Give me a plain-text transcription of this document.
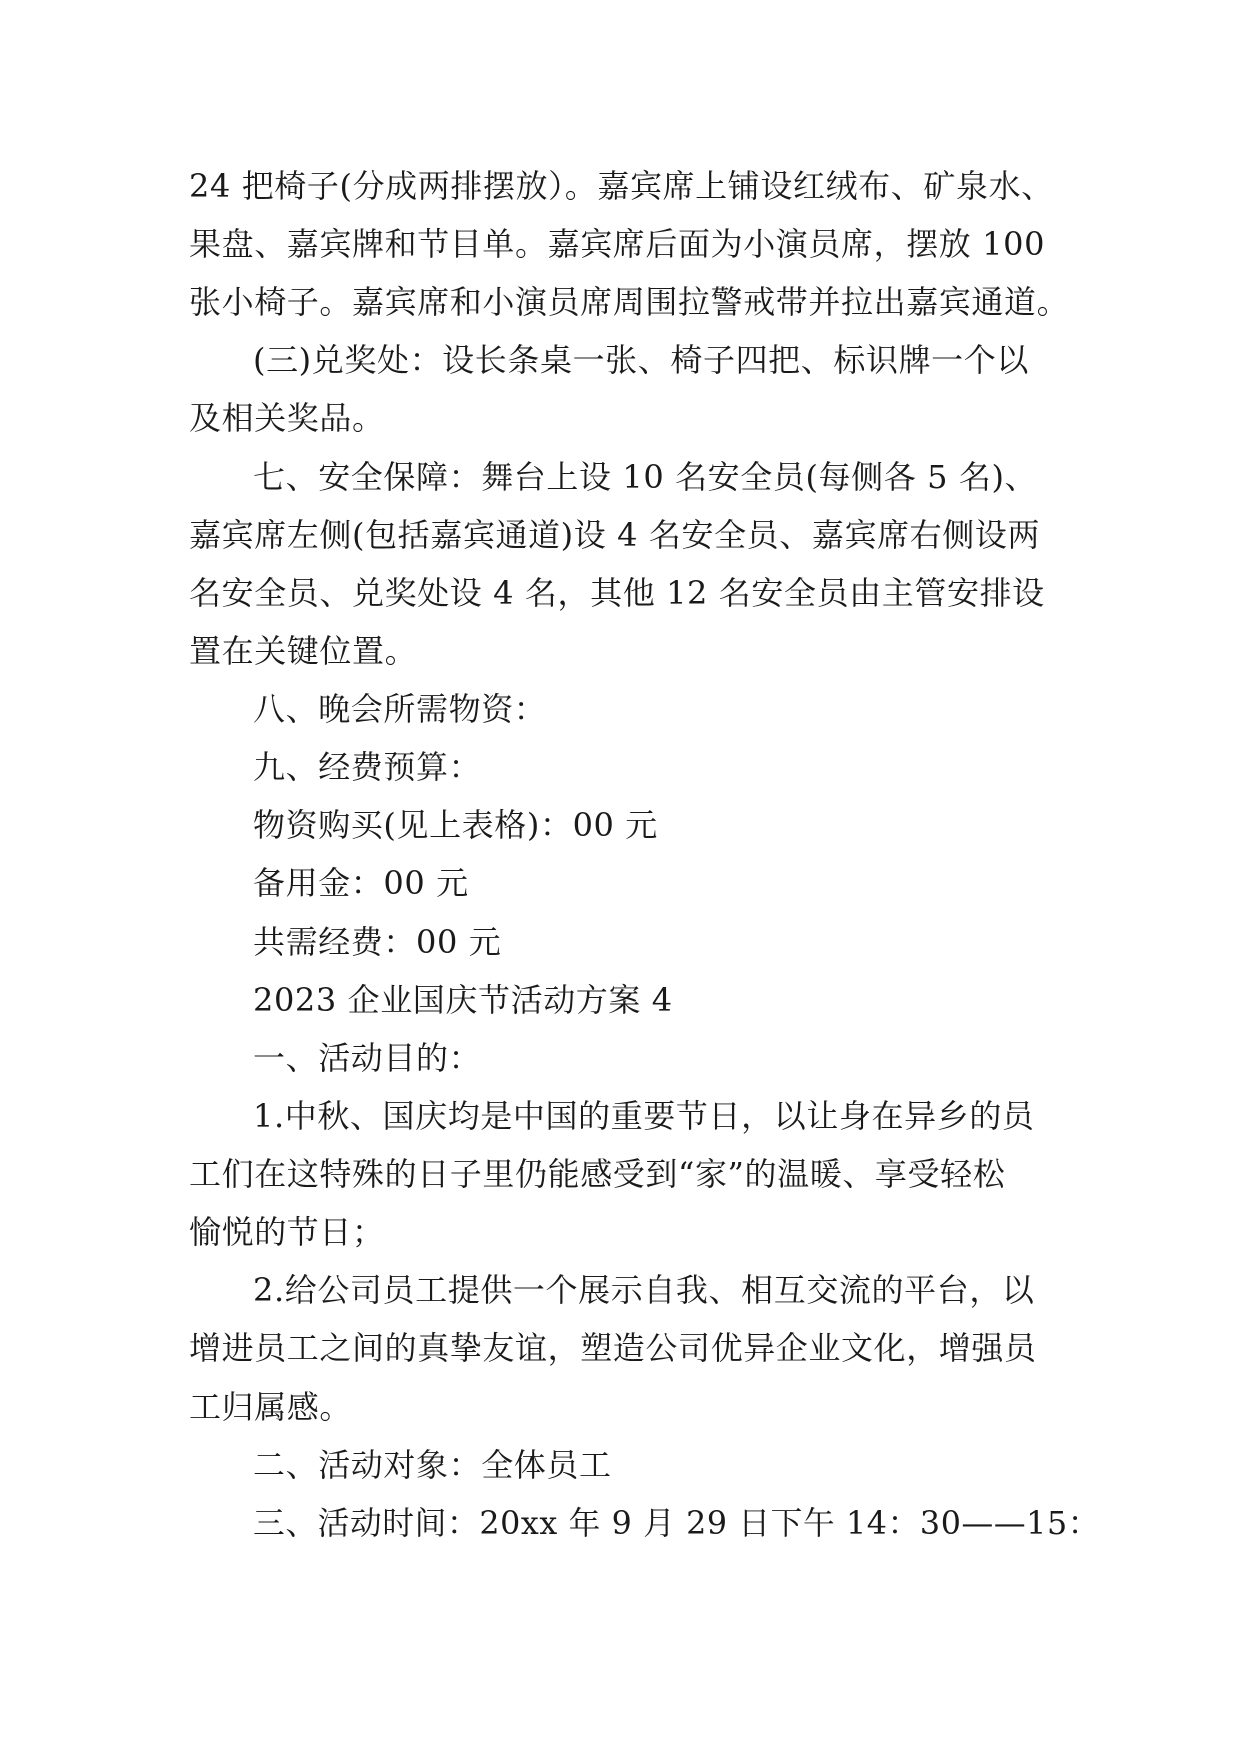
24 把椅子(分成两排摆放）。嘉宾席上铺设红绒布、矿泉水、
果盘、嘉宾牌和节目单。嘉宾席后面为小演员席，摆放 100
张小椅子。嘉宾席和小演员席周围拉警戒带并拉出嘉宾通道。
(三)兑奖处：设长条桌一张、椅子四把、标识牌一个以
及相关奖品。
七、安全保障：舞台上设 10 名安全员(每侧各 5 名)、
嘉宾席左侧(包括嘉宾通道)设 4 名安全员、嘉宾席右侧设两
名安全员、兑奖处设 4 名，其他 12 名安全员由主管安排设
置在关键位置。
八、晚会所需物资：
九、经费预算：
物资购买(见上表格)：00 元
备用金：00 元
共需经费：00 元
2023 企业国庆节活动方案 4
一、活动目的：
1.中秋、国庆均是中国的重要节日，以让身在异乡的员
工们在这特殊的日子里仍能感受到“家”的温暖、享受轻松
愉悦的节日；
2.给公司员工提供一个展示自我、相互交流的平台，以
增进员工之间的真挚友谊，塑造公司优异企业文化，增强员
工归属感。
二、活动对象：全体员工
三、活动时间：20xx 年 9 月 29 日下午 14：30——15：
